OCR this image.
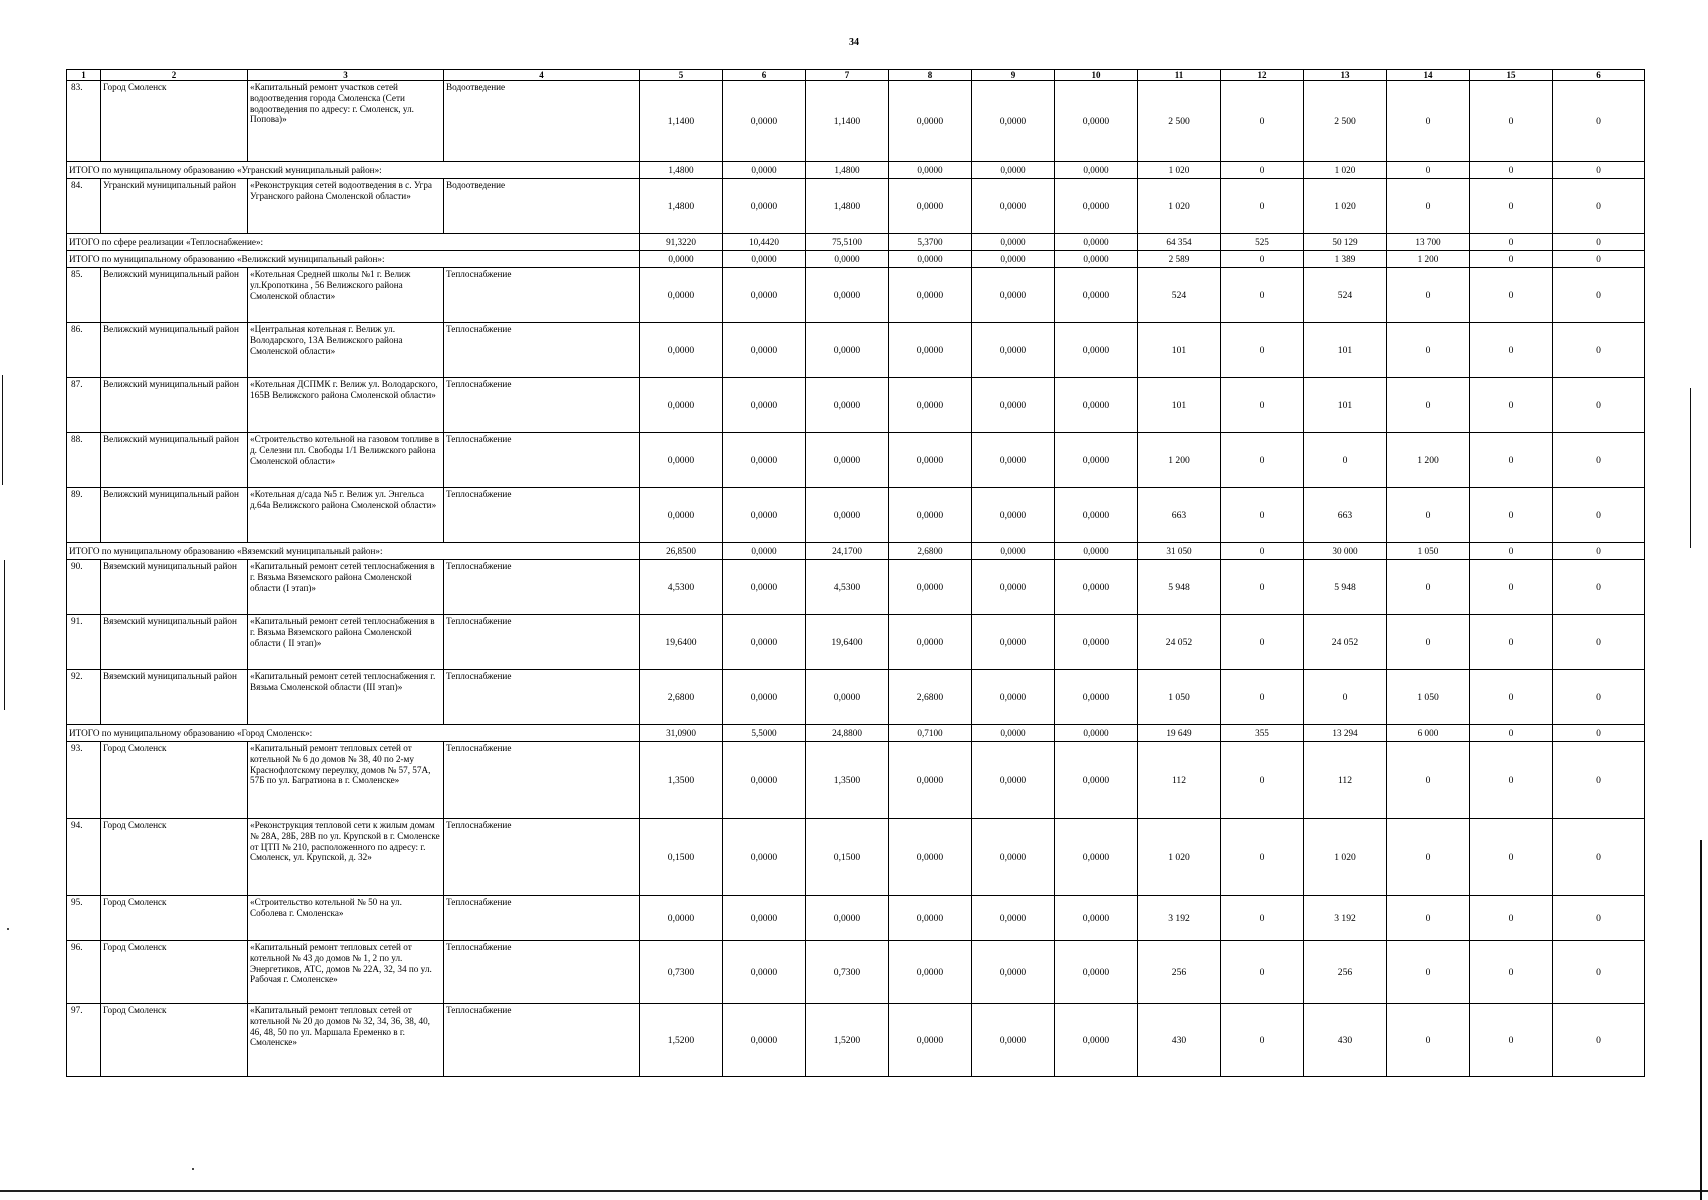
34
1	2	3	4	5	6	7	8	9	10	11	12	13	14	15	6
83.	Город Смоленск	«Капитальный ремонт участков сетей водоотведения города Смоленска (Сети водоотведения по адресу: г. Смоленск, ул. Попова)»	Водоотведение	1,1400	0,0000	1,1400	0,0000	0,0000	0,0000	2 500	0	2 500	0	0	0
ИТОГО по муниципальному образованию «Угранский муниципальный район»:				1,4800	0,0000	1,4800	0,0000	0,0000	0,0000	1 020	0	1 020	0	0	0
84.	Угранский муниципальный район	«Реконструкция сетей водоотведения в с. Угра Угранского района Смоленской области»	Водоотведение	1,4800	0,0000	1,4800	0,0000	0,0000	0,0000	1 020	0	1 020	0	0	0
ИТОГО по сфере реализации «Теплоснабжение»:				91,3220	10,4420	75,5100	5,3700	0,0000	0,0000	64 354	525	50 129	13 700	0	0
ИТОГО по муниципальному образованию «Велижский муниципальный район»:				0,0000	0,0000	0,0000	0,0000	0,0000	0,0000	2 589	0	1 389	1 200	0	0
85.	Велижский муниципальный район	«Котельная Средней школы №1 г. Велиж ул.Кропоткина , 56 Велижского района Смоленской области»	Теплоснабжение	0,0000	0,0000	0,0000	0,0000	0,0000	0,0000	524	0	524	0	0	0
86.	Велижский муниципальный район	«Центральная котельная г. Велиж ул. Володарского, 13А Велижского района Смоленской области»	Теплоснабжение	0,0000	0,0000	0,0000	0,0000	0,0000	0,0000	101	0	101	0	0	0
87.	Велижский муниципальный район	«Котельная ДСПМК г. Велиж ул. Володарского, 165В Велижского района Смоленской области»	Теплоснабжение	0,0000	0,0000	0,0000	0,0000	0,0000	0,0000	101	0	101	0	0	0
88.	Велижский муниципальный район	«Строительство котельной на газовом топливе в д. Селезни пл. Свободы 1/1 Велижского района Смоленской области»	Теплоснабжение	0,0000	0,0000	0,0000	0,0000	0,0000	0,0000	1 200	0	0	1 200	0	0
89.	Велижский муниципальный район	«Котельная д/сада №5 г. Велиж ул. Энгельса д.64а Велижского района Смоленской области»	Теплоснабжение	0,0000	0,0000	0,0000	0,0000	0,0000	0,0000	663	0	663	0	0	0
ИТОГО по муниципальному образованию «Вяземский муниципальный район»:				26,8500	0,0000	24,1700	2,6800	0,0000	0,0000	31 050	0	30 000	1 050	0	0
90.	Вяземский муниципальный район	«Капитальный ремонт сетей теплоснабжения в г. Вязьма Вяземского района Смоленской области (I этап)»	Теплоснабжение	4,5300	0,0000	4,5300	0,0000	0,0000	0,0000	5 948	0	5 948	0	0	0
91.	Вяземский муниципальный район	«Капитальный ремонт сетей теплоснабжения в г. Вязьма Вяземского района Смоленской области ( II этап)»	Теплоснабжение	19,6400	0,0000	19,6400	0,0000	0,0000	0,0000	24 052	0	24 052	0	0	0
92.	Вяземский муниципальный район	«Капитальный ремонт сетей теплоснабжения г. Вязьма Смоленской области (III этап)»	Теплоснабжение	2,6800	0,0000	0,0000	2,6800	0,0000	0,0000	1 050	0	0	1 050	0	0
ИТОГО по муниципальному образованию «Город Смоленск»:				31,0900	5,5000	24,8800	0,7100	0,0000	0,0000	19 649	355	13 294	6 000	0	0
93.	Город Смоленск	«Капитальный ремонт тепловых сетей от котельной № 6 до домов № 38, 40 по 2-му Краснофлотскому переулку, домов № 57, 57А, 57Б по ул. Багратиона в г. Смоленске»	Теплоснабжение	1,3500	0,0000	1,3500	0,0000	0,0000	0,0000	112	0	112	0	0	0
94.	Город Смоленск	«Реконструкция тепловой сети к жилым домам № 28А, 28Б, 28В по ул. Крупской в г. Смоленске от ЦТП № 210, расположенного по адресу: г. Смоленск, ул. Крупской, д. 32»	Теплоснабжение	0,1500	0,0000	0,1500	0,0000	0,0000	0,0000	1 020	0	1 020	0	0	0
95.	Город Смоленск	«Строительство котельной № 50 на ул. Соболева г. Смоленска»	Теплоснабжение	0,0000	0,0000	0,0000	0,0000	0,0000	0,0000	3 192	0	3 192	0	0	0
96.	Город Смоленск	«Капитальный ремонт тепловых сетей от котельной № 43 до домов № 1, 2 по ул. Энергетиков, АТС, домов № 22А, 32, 34 по ул. Рабочая г. Смоленске»	Теплоснабжение	0,7300	0,0000	0,7300	0,0000	0,0000	0,0000	256	0	256	0	0	0
97.	Город Смоленск	«Капитальный ремонт тепловых сетей от котельной № 20 до домов № 32, 34, 36, 38, 40, 46, 48, 50 по ул. Маршала Еременко в г. Смоленске»	Теплоснабжение	1,5200	0,0000	1,5200	0,0000	0,0000	0,0000	430	0	430	0	0	0
